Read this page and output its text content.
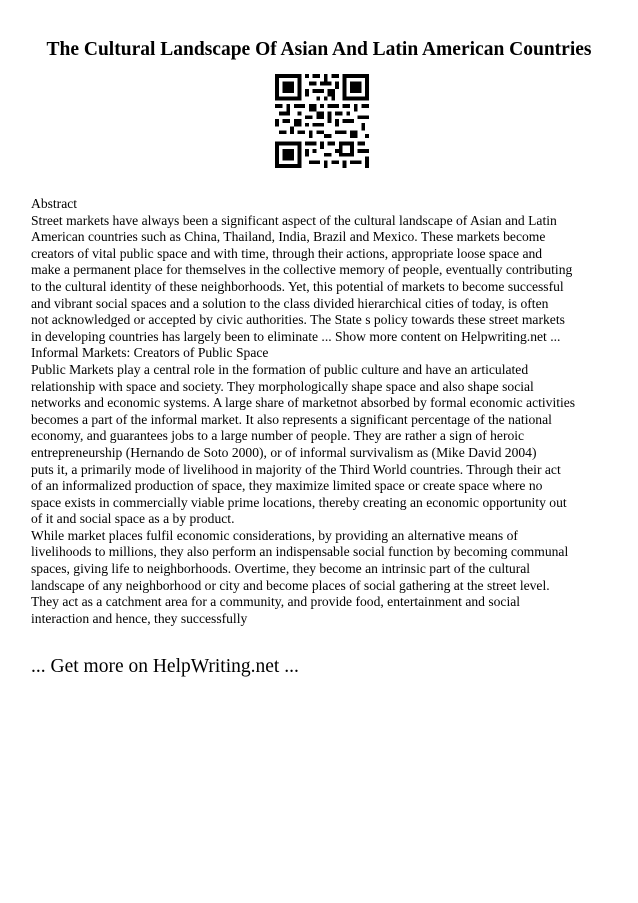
The Cultural Landscape Of Asian And Latin American Countries
Abstract
Street markets have always been a significant aspect of the cultural landscape of Asian and Latin
American countries such as China, Thailand, India, Brazil and Mexico. These markets become
creators of vital public space and with time, through their actions, appropriate loose space and
make a permanent place for themselves in the collective memory of people, eventually contributing
to the cultural identity of these neighborhoods. Yet, this potential of markets to become successful
and vibrant social spaces and a solution to the class divided hierarchical cities of today, is often
not acknowledged or accepted by civic authorities. The State s policy towards these street markets
in developing countries has largely been to eliminate ... Show more content on Helpwriting.net ...
Informal Markets: Creators of Public Space
Public Markets play a central role in the formation of public culture and have an articulated
relationship with space and society. They morphologically shape space and also shape social
networks and economic systems. A large share of marketnot absorbed by formal economic activities
becomes a part of the informal market. It also represents a significant percentage of the national
economy, and guarantees jobs to a large number of people. They are rather a sign of heroic
entrepreneurship (Hernando de Soto 2000), or of informal survivalism as (Mike David 2004)
puts it, a primarily mode of livelihood in majority of the Third World countries. Through their act
of an informalized production of space, they maximize limited space or create space where no
space exists in commercially viable prime locations, thereby creating an economic opportunity out
of it and social space as a by product.
While market places fulfil economic considerations, by providing an alternative means of
livelihoods to millions, they also perform an indispensable social function by becoming communal
spaces, giving life to neighborhoods. Overtime, they become an intrinsic part of the cultural
landscape of any neighborhood or city and become places of social gathering at the street level.
They act as a catchment area for a community, and provide food, entertainment and social
interaction and hence, they successfully
... Get more on HelpWriting.net ...
